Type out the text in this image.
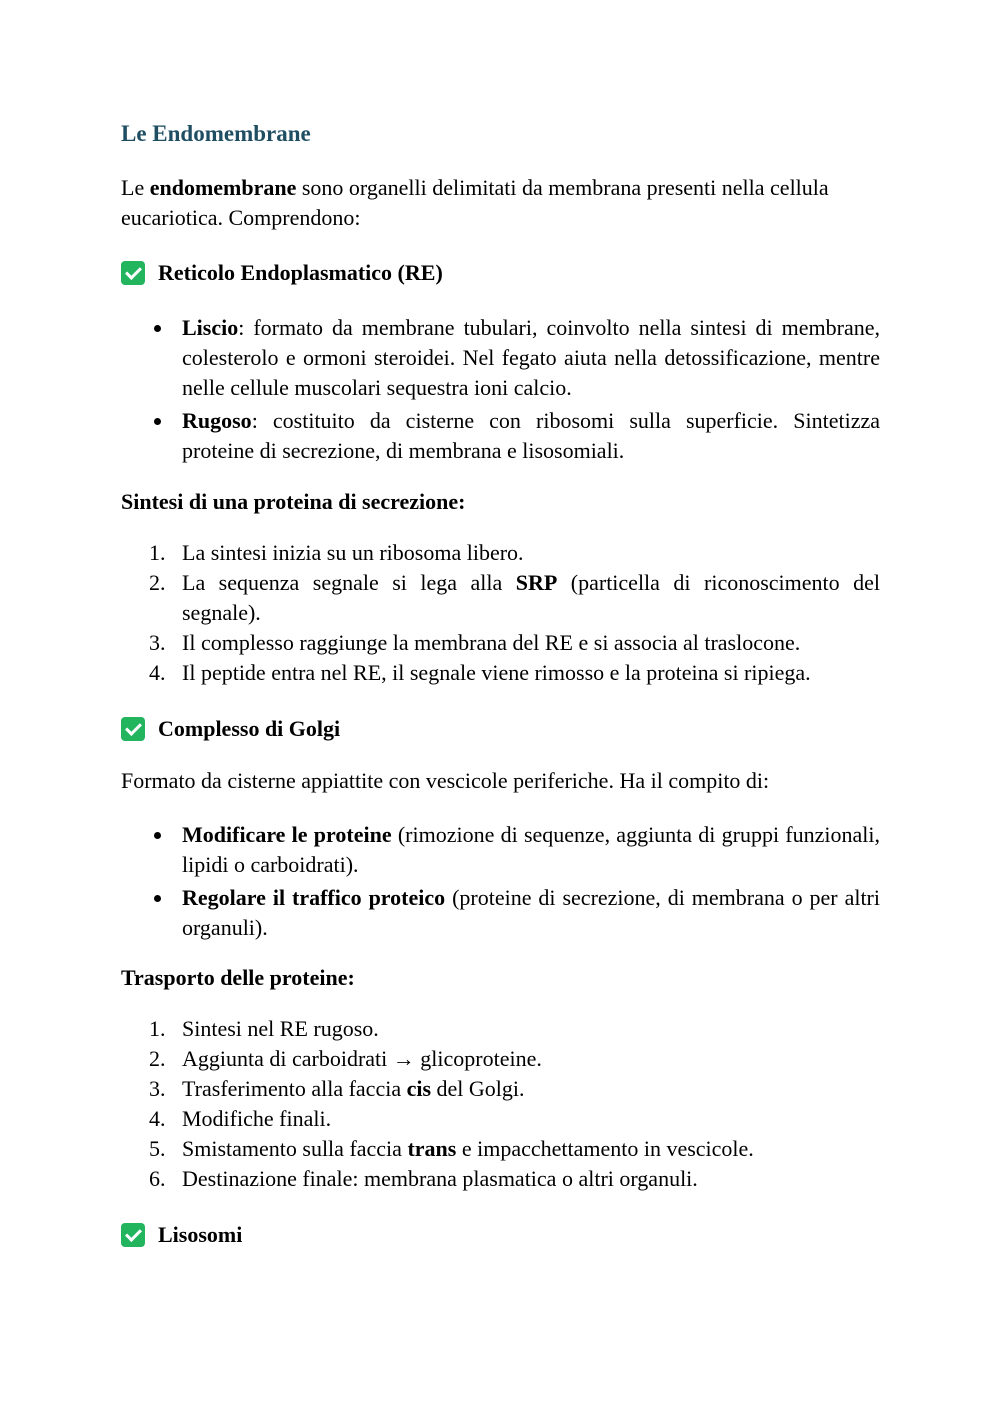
Le Endomembrane

Le endomembrane sono organelli delimitati da membrana presenti nella cellula eucariotica. Comprendono:

Reticolo Endoplasmatico (RE)
Liscio: formato da membrane tubulari, coinvolto nella sintesi di membrane, colesterolo e ormoni steroidei. Nel fegato aiuta nella detossificazione, mentre nelle cellule muscolari sequestra ioni calcio.
Rugoso: costituito da cisterne con ribosomi sulla superficie. Sintetizza proteine di secrezione, di membrana e lisosomiali.
Sintesi di una proteina di secrezione:
1. La sintesi inizia su un ribosoma libero.
2. La sequenza segnale si lega alla SRP (particella di riconoscimento del segnale).
3. Il complesso raggiunge la membrana del RE e si associa al traslocone.
4. Il peptide entra nel RE, il segnale viene rimosso e la proteina si ripiega.
Complesso di Golgi

Formato da cisterne appiattite con vescicole periferiche. Ha il compito di:

Modificare le proteine (rimozione di sequenze, aggiunta di gruppi funzionali, lipidi o carboidrati).
Regolare il traffico proteico (proteine di secrezione, di membrana o per altri organuli).
Trasporto delle proteine:
1. Sintesi nel RE rugoso.
2. Aggiunta di carboidrati → glicoproteine.
3. Trasferimento alla faccia cis del Golgi.
4. Modifiche finali.
5. Smistamento sulla faccia trans e impacchettamento in vescicole.
6. Destinazione finale: membrana plasmatica o altri organuli.
Lisosomi
